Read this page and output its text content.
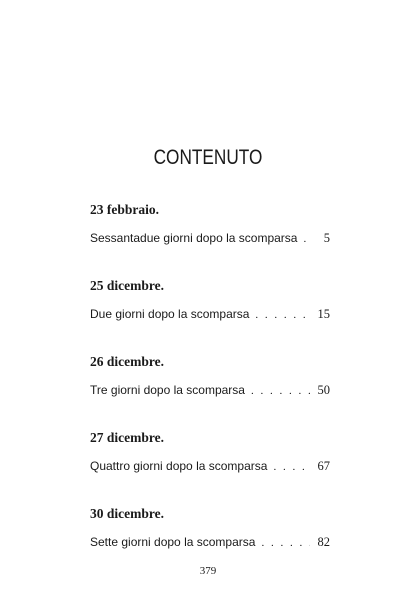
CONTENUTO
23 febbraio.
Sessantadue giorni dopo la scomparsa . . .	5
25 dicembre.
Due giorni dopo la scomparsa . . .	15
26 dicembre.
Tre giorni dopo la scomparsa . . .	50
27 dicembre.
Quattro giorni dopo la scomparsa . . .	67
30 dicembre.
Sette giorni dopo la scomparsa . . .	82
379
